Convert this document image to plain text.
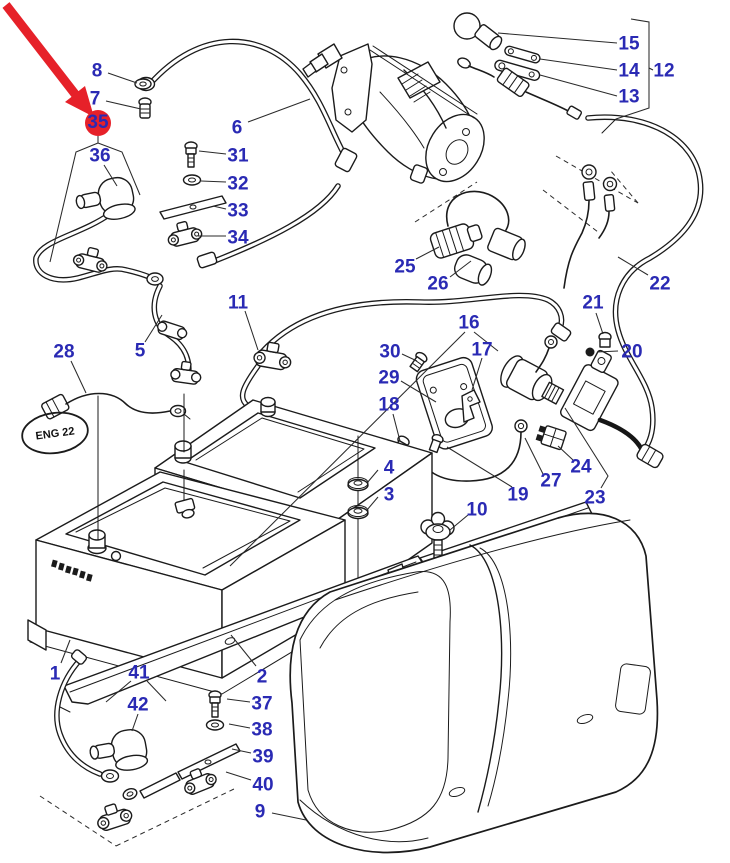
ENG 22
8
7
35
36
6
31
32
33
34
15
14
13
12
25
26	22
21
20
16
17
30
29
18
4
3	19
27
24
23
10
28	5
11
1	41
42
2
37
38
39
40
9
